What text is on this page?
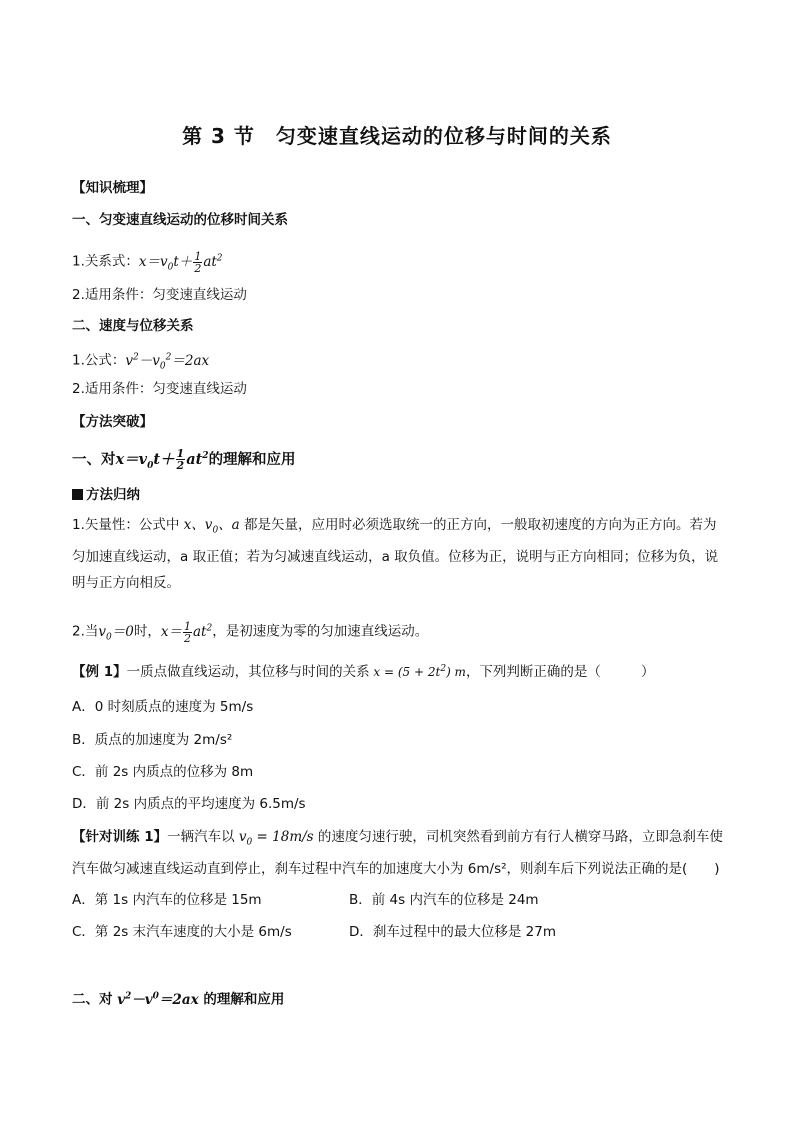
第 3 节　匀变速直线运动的位移与时间的关系
【知识梳理】
一、匀变速直线运动的位移时间关系
1.关系式：$x=v_0t+ \frac{1}{2} at^2$
2.适用条件：匀变速直线运动
二、速度与位移关系
1.公式：$v^2-v_0^2=2ax$
2.适用条件：匀变速直线运动
【方法突破】
一、对$x=v_0t+ \frac{1}{2} at^2$的理解和应用
方法归纳
1.矢量性：公式中 x、$v_0$、a 都是矢量，应用时必须选取统一的正方向，一般取初速度的方向为正方向。若为匀加速直线运动，a 取正值；若为匀减速直线运动，a 取负值。位移为正，说明与正方向相同；位移为负，说明与正方向相反。
2.当$v_0=0$时，$x= \frac{1}{2} at^2$，是初速度为零的匀加速直线运动。
【例 1】一质点做直线运动，其位移与时间的关系 $x = (5 + 2t^2)$ m，下列判断正确的是（	）
A．0 时刻质点的速度为 5m/s
B．质点的加速度为 2m/s²
C．前 2s 内质点的位移为 8m
D．前 2s 内质点的平均速度为 6.5m/s
【针对训练 1】一辆汽车以 $v_0 = 18m/s$ 的速度匀速行驶，司机突然看到前方有行人横穿马路，立即急刹车使汽车做匀减速直线运动直到停止，刹车过程中汽车的加速度大小为 6m/s²，则刹车后下列说法正确的是(　　)
A．第 1s 内汽车的位移是 15m	B．前 4s 内汽车的位移是 24m
C．第 2s 末汽车速度的大小是 6m/s	D．刹车过程中的最大位移是 27m
二、对 $v^2-v^0=2ax$ 的理解和应用
